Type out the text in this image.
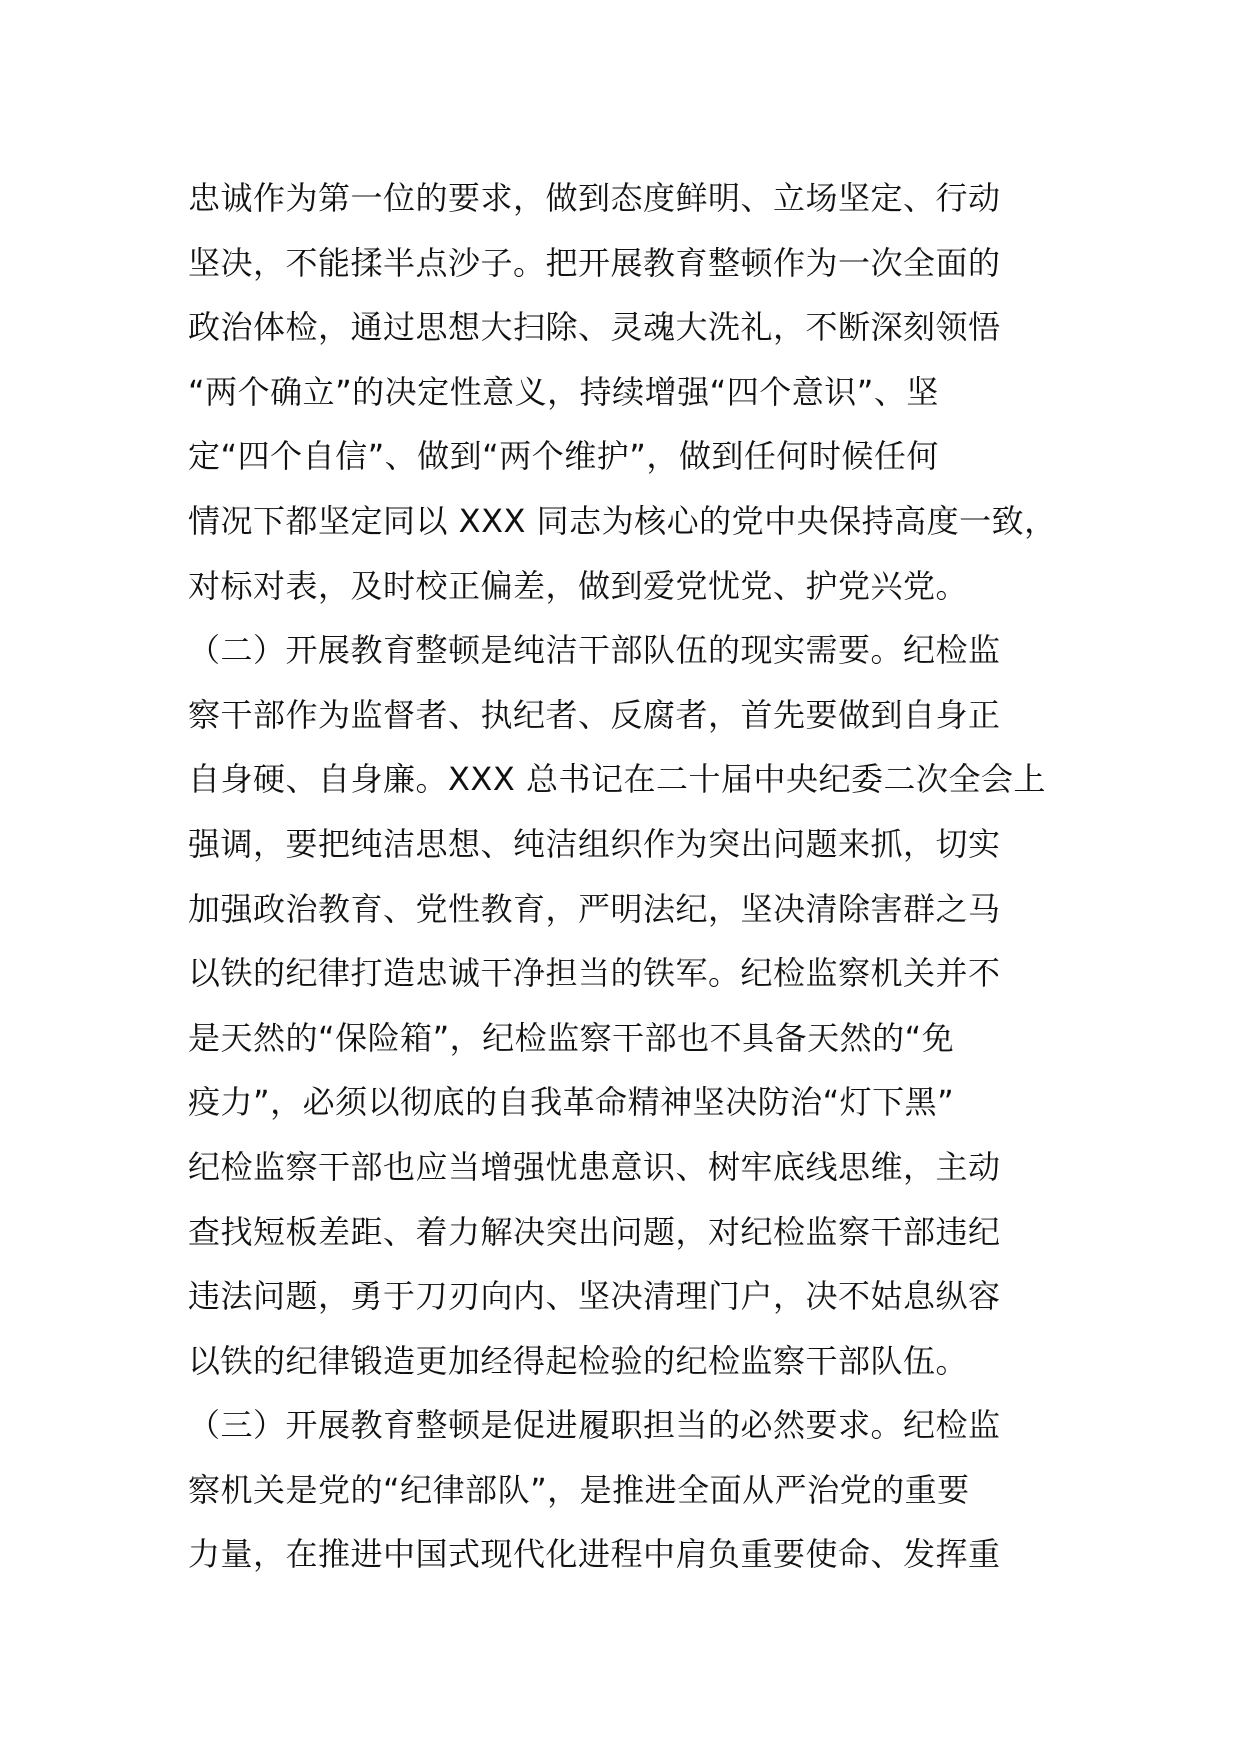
忠诚作为第一位的要求，做到态度鲜明、立场坚定、行动
坚决，不能揉半点沙子。把开展教育整顿作为一次全面的
政治体检，通过思想大扫除、灵魂大洗礼，不断深刻领悟
“两个确立”的决定性意义，持续增强“四个意识”、坚
定“四个自信”、做到“两个维护”，做到任何时候任何
情况下都坚定同以 XXX 同志为核心的党中央保持高度一致，
对标对表，及时校正偏差，做到爱党忧党、护党兴党。
（二）开展教育整顿是纯洁干部队伍的现实需要。纪检监
察干部作为监督者、执纪者、反腐者，首先要做到自身正
自身硬、自身廉。XXX 总书记在二十届中央纪委二次全会上
强调，要把纯洁思想、纯洁组织作为突出问题来抓，切实
加强政治教育、党性教育，严明法纪，坚决清除害群之马
以铁的纪律打造忠诚干净担当的铁军。纪检监察机关并不
是天然的“保险箱”，纪检监察干部也不具备天然的“免
疫力”，必须以彻底的自我革命精神坚决防治“灯下黑”
纪检监察干部也应当增强忧患意识、树牢底线思维，主动
查找短板差距、着力解决突出问题，对纪检监察干部违纪
违法问题，勇于刀刃向内、坚决清理门户，决不姑息纵容
以铁的纪律锻造更加经得起检验的纪检监察干部队伍。
（三）开展教育整顿是促进履职担当的必然要求。纪检监
察机关是党的“纪律部队”，是推进全面从严治党的重要
力量，在推进中国式现代化进程中肩负重要使命、发挥重
